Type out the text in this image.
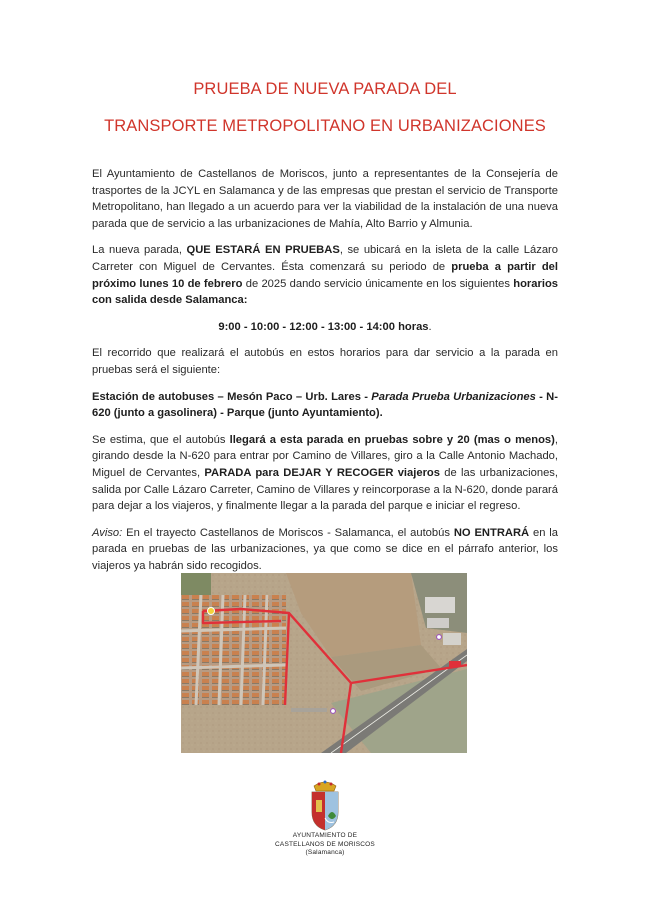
PRUEBA DE NUEVA PARADA DEL
TRANSPORTE METROPOLITANO EN URBANIZACIONES

El Ayuntamiento de Castellanos de Moriscos, junto a representantes de la Consejería de trasportes de la JCYL en Salamanca y de las empresas que prestan el servicio de Transporte Metropolitano, han llegado a un acuerdo para ver la viabilidad de la instalación de una nueva parada que de servicio a las urbanizaciones de Mahía, Alto Barrio y Almunia.

La nueva parada, QUE ESTARÁ EN PRUEBAS, se ubicará en la isleta de la calle Lázaro Carreter con Miguel de Cervantes. Ésta comenzará su periodo de prueba a partir del próximo lunes 10 de febrero de 2025 dando servicio únicamente en los siguientes horarios con salida desde Salamanca:

9:00 - 10:00 - 12:00 - 13:00 - 14:00 horas.

El recorrido que realizará el autobús en estos horarios para dar servicio a la parada en pruebas será el siguiente:

Estación de autobuses – Mesón Paco – Urb. Lares - Parada Prueba Urbanizaciones - N-620 (junto a gasolinera) - Parque (junto Ayuntamiento).

Se estima, que el autobús llegará a esta parada en pruebas sobre y 20 (mas o menos), girando desde la N-620 para entrar por Camino de Villares, giro a la Calle Antonio Machado, Miguel de Cervantes, PARADA para DEJAR Y RECOGER viajeros de las urbanizaciones, salida por Calle Lázaro Carreter, Camino de Villares y reincorporase a la N-620, donde parará para dejar a los viajeros, y finalmente llegar a la parada del parque e iniciar el regreso.

Aviso: En el trayecto Castellanos de Moriscos - Salamanca, el autobús NO ENTRARÁ en la parada en pruebas de las urbanizaciones, ya que como se dice en el párrafo anterior, los viajeros ya habrán sido recogidos.

AYUNTAMIENTO DE
CASTELLANOS DE MORISCOS
(Salamanca)
